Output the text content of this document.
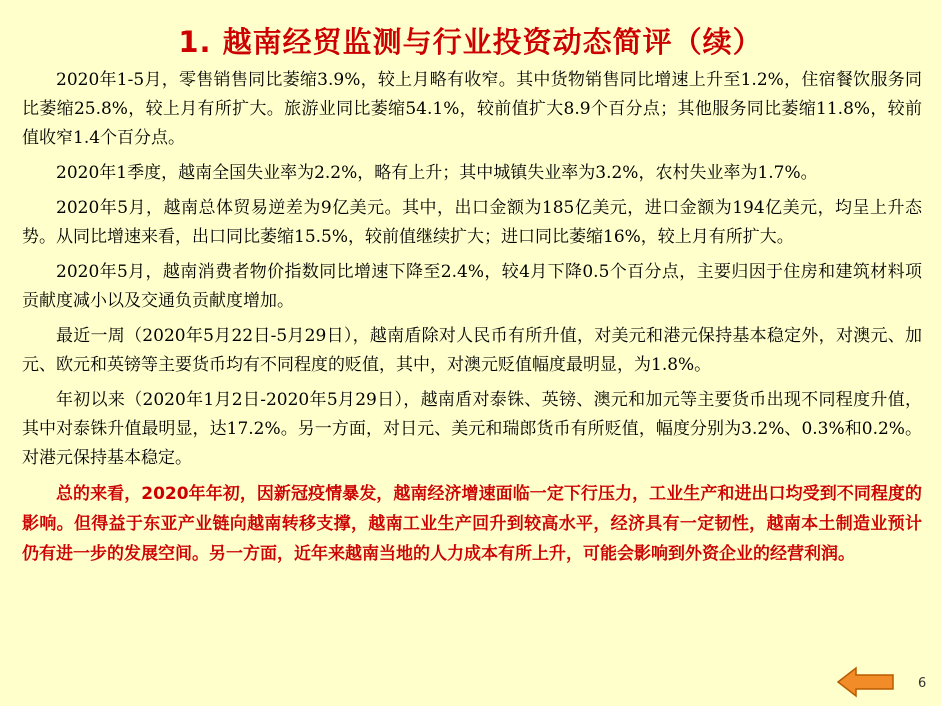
1. 越南经贸监测与行业投资动态简评（续）

2020年1-5月，零售销售同比萎缩3.9%，较上月略有收窄。其中货物销售同比增速上升至1.2%，住宿餐饮服务同比萎缩25.8%，较上月有所扩大。旅游业同比萎缩54.1%，较前值扩大8.9个百分点；其他服务同比萎缩11.8%，较前值收窄1.4个百分点。

2020年1季度，越南全国失业率为2.2%，略有上升；其中城镇失业率为3.2%，农村失业率为1.7%。

2020年5月，越南总体贸易逆差为9亿美元。其中，出口金额为185亿美元，进口金额为194亿美元，均呈上升态势。从同比增速来看，出口同比萎缩15.5%，较前值继续扩大；进口同比萎缩16%，较上月有所扩大。

2020年5月，越南消费者物价指数同比增速下降至2.4%，较4月下降0.5个百分点，主要归因于住房和建筑材料项贡献度减小以及交通负贡献度增加。

最近一周（2020年5月22日-5月29日），越南盾除对人民币有所升值，对美元和港元保持基本稳定外，对澳元、加元、欧元和英镑等主要货币均有不同程度的贬值，其中，对澳元贬值幅度最明显，为1.8%。

年初以来（2020年1月2日-2020年5月29日），越南盾对泰铢、英镑、澳元和加元等主要货币出现不同程度升值，其中对泰铢升值最明显，达17.2%。另一方面，对日元、美元和瑞郎货币有所贬值，幅度分别为3.2%、0.3%和0.2%。对港元保持基本稳定。

总的来看，2020年年初，因新冠疫情暴发，越南经济增速面临一定下行压力，工业生产和进出口均受到不同程度的影响。但得益于东亚产业链向越南转移支撑，越南工业生产回升到较高水平，经济具有一定韧性，越南本土制造业预计仍有进一步的发展空间。另一方面，近年来越南当地的人力成本有所上升，可能会影响到外资企业的经营利润。

6
